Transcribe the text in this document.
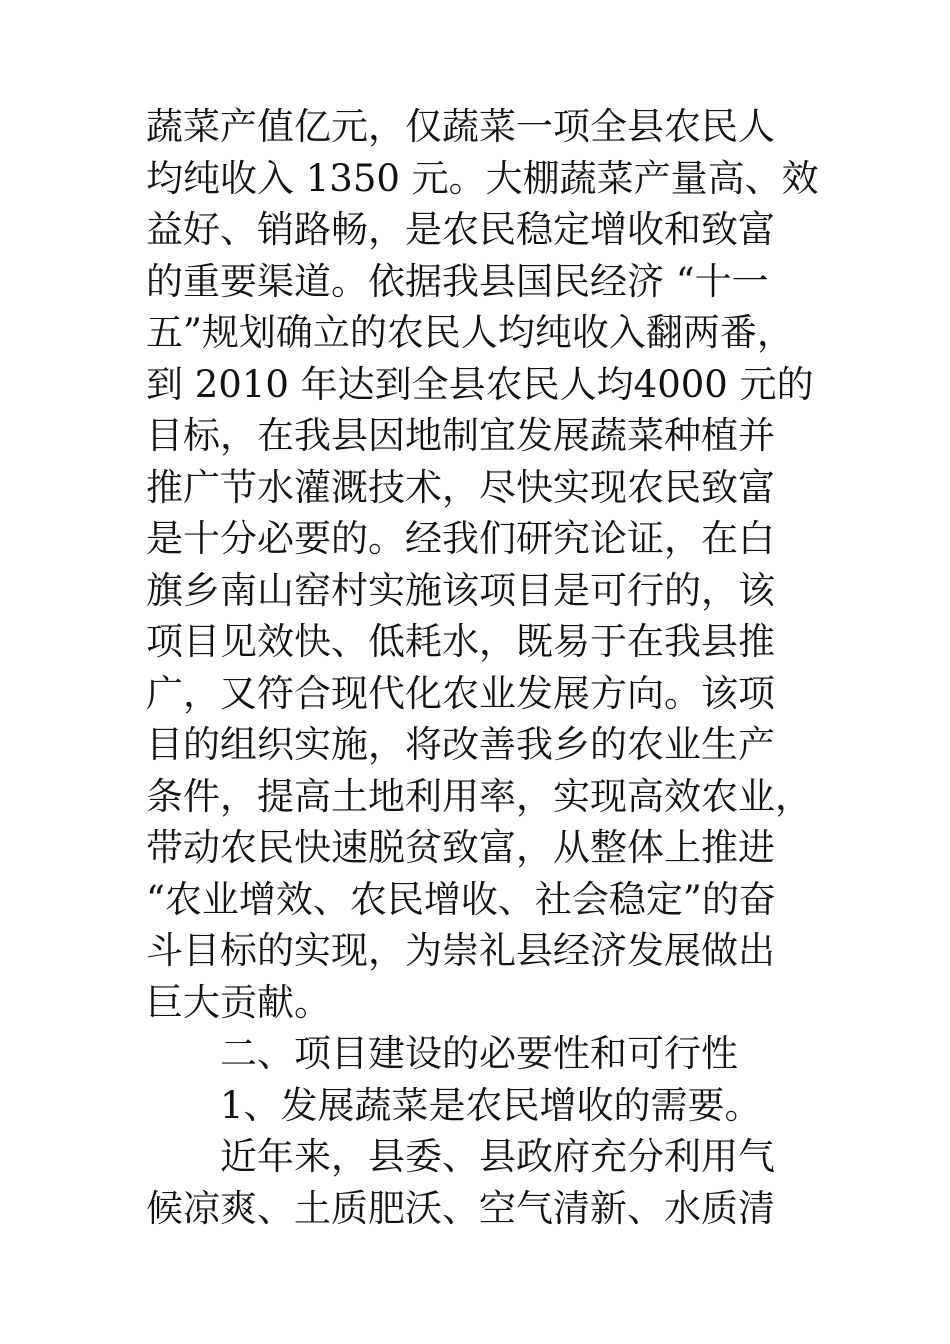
蔬菜产值亿元，仅蔬菜一项全县农民人
均纯收入 1350 元。大棚蔬菜产量高、效
益好、销路畅，是农民稳定增收和致富
的重要渠道。依据我县国民经济 “十一
五”规划确立的农民人均纯收入翻两番，
到 2010 年达到全县农民人均4000 元的
目标，在我县因地制宜发展蔬菜种植并
推广节水灌溉技术，尽快实现农民致富
是十分必要的。经我们研究论证，在白
旗乡南山窑村实施该项目是可行的，该
项目见效快、低耗水，既易于在我县推
广，又符合现代化农业发展方向。该项
目的组织实施，将改善我乡的农业生产
条件，提高土地利用率，实现高效农业，
带动农民快速脱贫致富，从整体上推进
“农业增效、农民增收、社会稳定”的奋
斗目标的实现，为崇礼县经济发展做出
巨大贡献。
二、项目建设的必要性和可行性
1、发展蔬菜是农民增收的需要。
近年来，县委、县政府充分利用气
候凉爽、土质肥沃、空气清新、水质清
